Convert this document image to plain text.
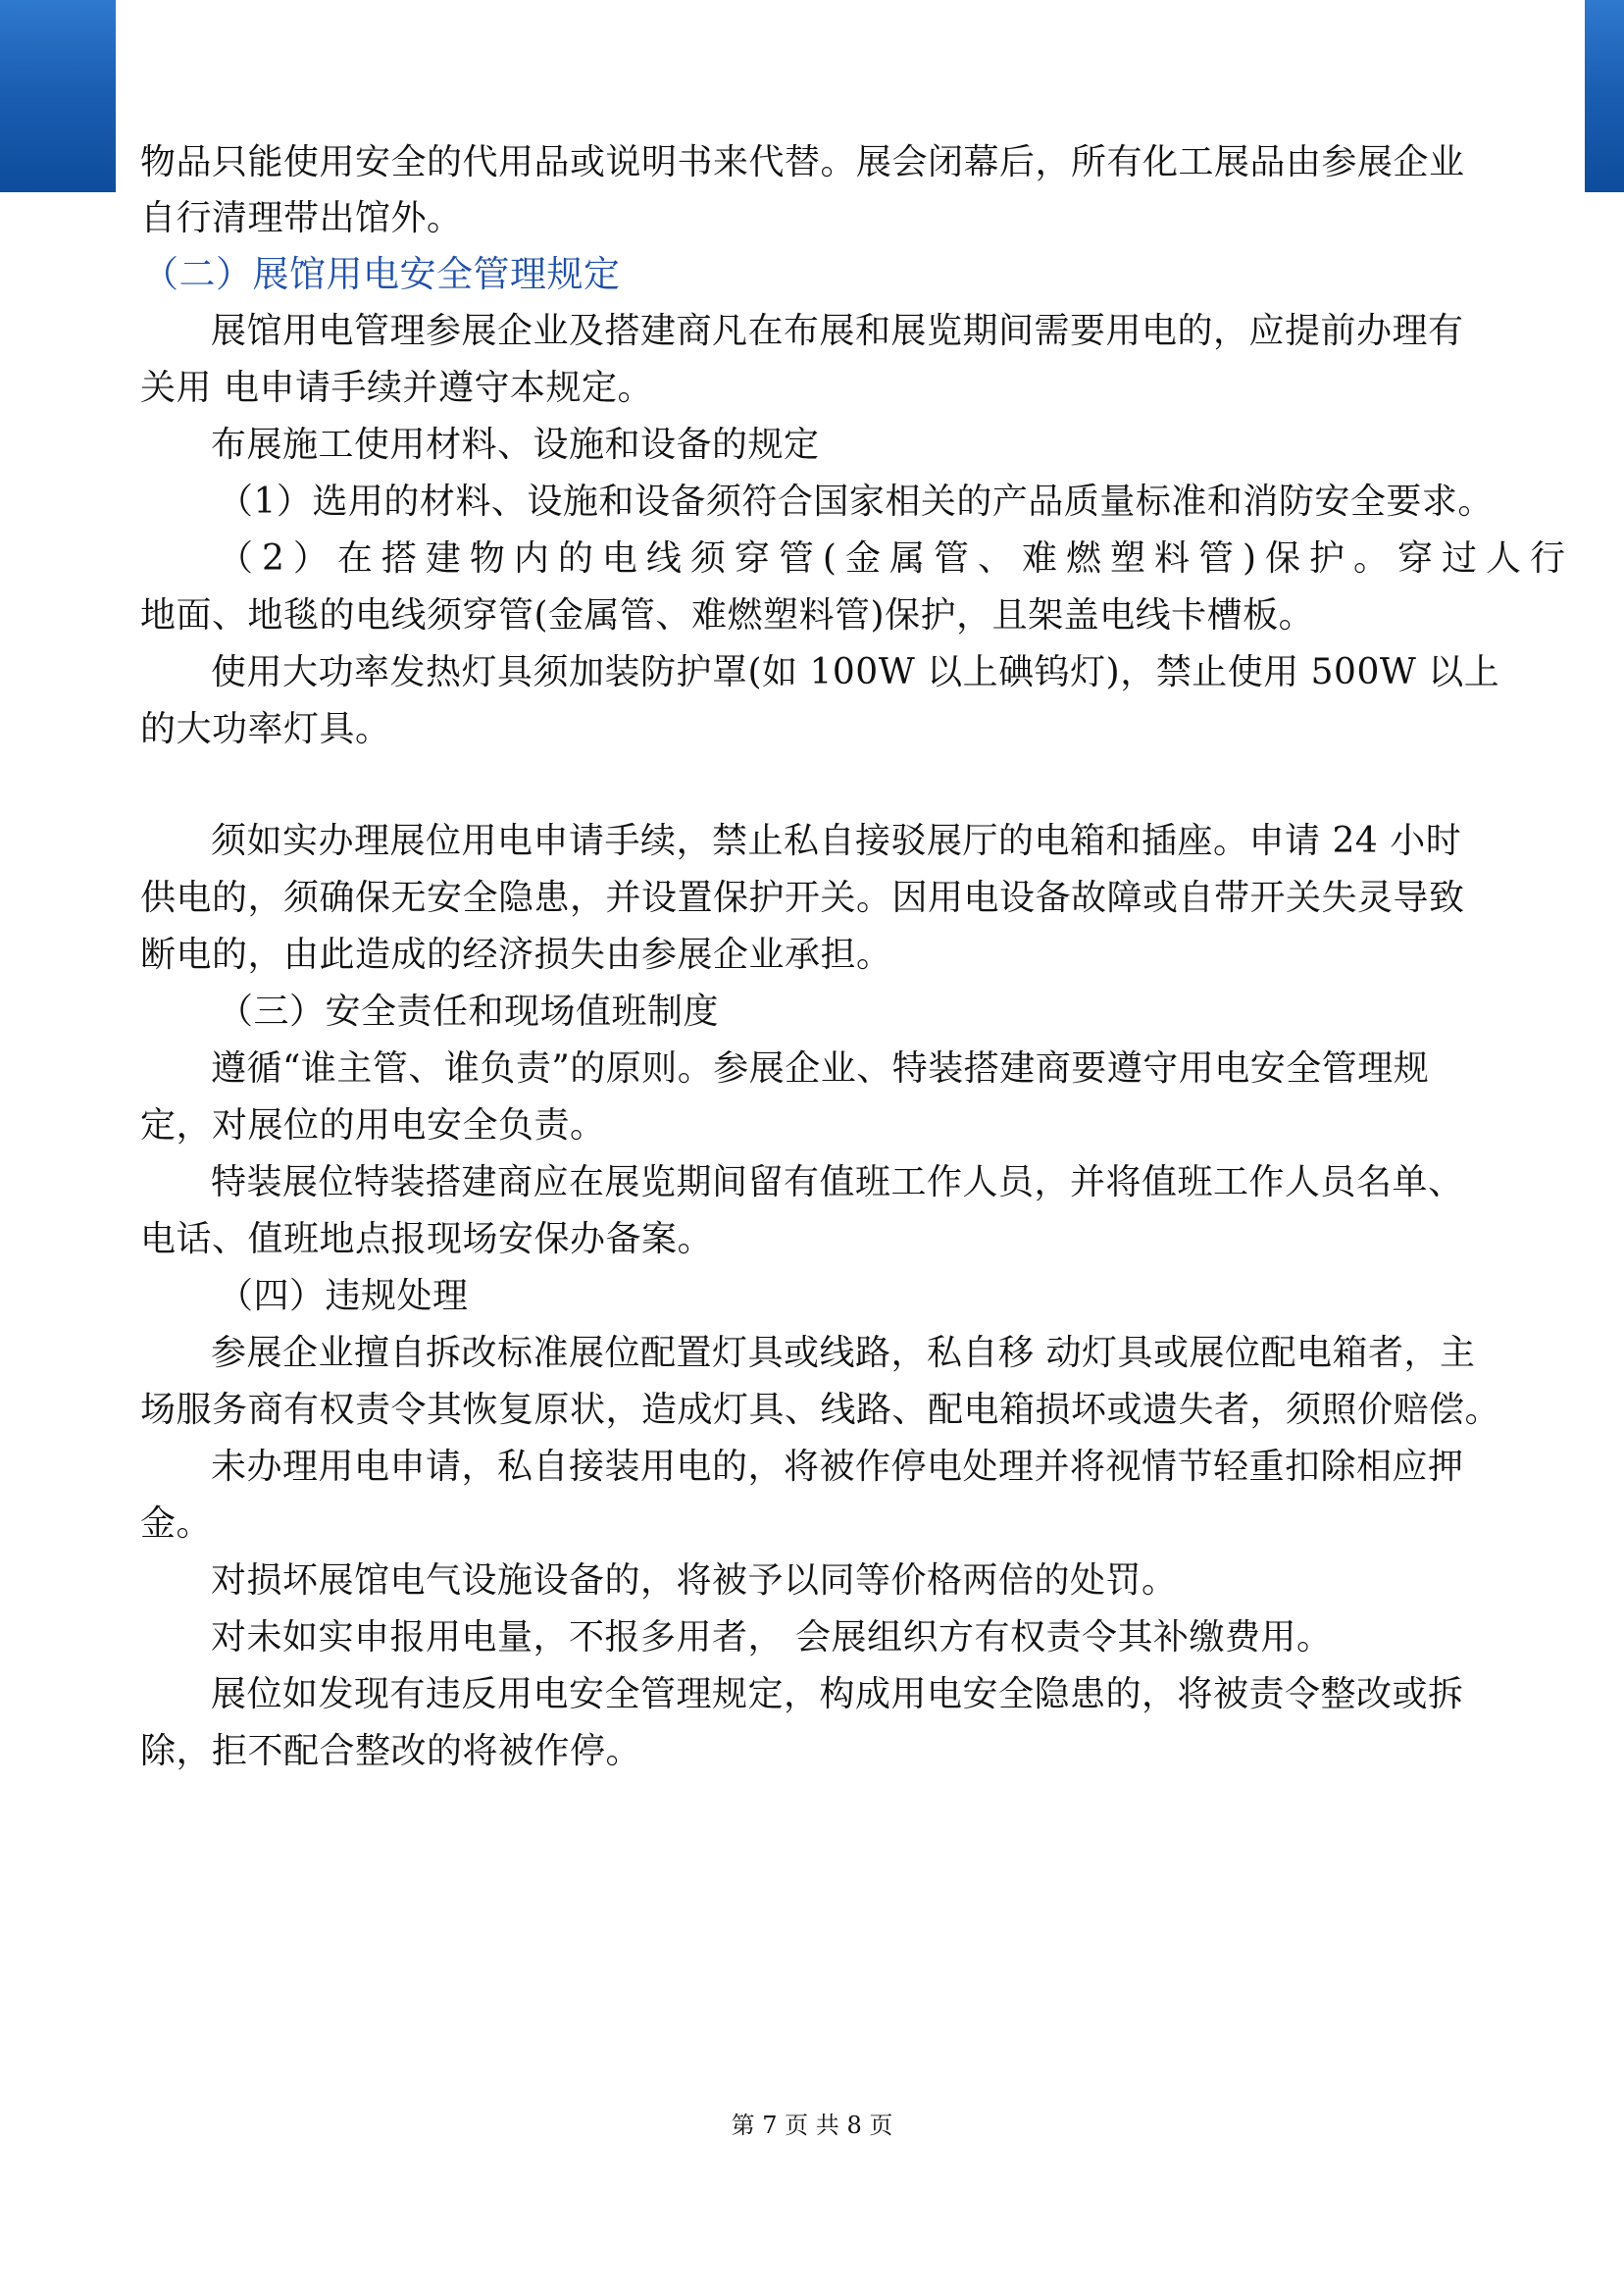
物品只能使用安全的代用品或说明书来代替。展会闭幕后，所有化工展品由参展企业
自行清理带出馆外。
（二）展馆用电安全管理规定
展馆用电管理参展企业及搭建商凡在布展和展览期间需要用电的，应提前办理有
关用 电申请手续并遵守本规定。
布展施工使用材料、设施和设备的规定
（1）选用的材料、设施和设备须符合国家相关的产品质量标准和消防安全要求。
（2）在搭建物内的电线须穿管(金属管、难燃塑料管)保护。穿过人行
地面、地毯的电线须穿管(金属管、难燃塑料管)保护，且架盖电线卡槽板。
使用大功率发热灯具须加装防护罩(如 100W 以上碘钨灯)，禁止使用 500W 以上
的大功率灯具。
须如实办理展位用电申请手续，禁止私自接驳展厅的电箱和插座。申请 24 小时
供电的，须确保无安全隐患，并设置保护开关。因用电设备故障或自带开关失灵导致
断电的，由此造成的经济损失由参展企业承担。
（三）安全责任和现场值班制度
遵循“谁主管、谁负责”的原则。参展企业、特装搭建商要遵守用电安全管理规
定，对展位的用电安全负责。
特装展位特装搭建商应在展览期间留有值班工作人员，并将值班工作人员名单、
电话、值班地点报现场安保办备案。
（四）违规处理
参展企业擅自拆改标准展位配置灯具或线路，私自移 动灯具或展位配电箱者，主
场服务商有权责令其恢复原状，造成灯具、线路、配电箱损坏或遗失者，须照价赔偿。
未办理用电申请，私自接装用电的，将被作停电处理并将视情节轻重扣除相应押
金。
对损坏展馆电气设施设备的，将被予以同等价格两倍的处罚。
对未如实申报用电量，不报多用者， 会展组织方有权责令其补缴费用。
展位如发现有违反用电安全管理规定，构成用电安全隐患的，将被责令整改或拆
除，拒不配合整改的将被作停。
第 7 页 共 8 页
